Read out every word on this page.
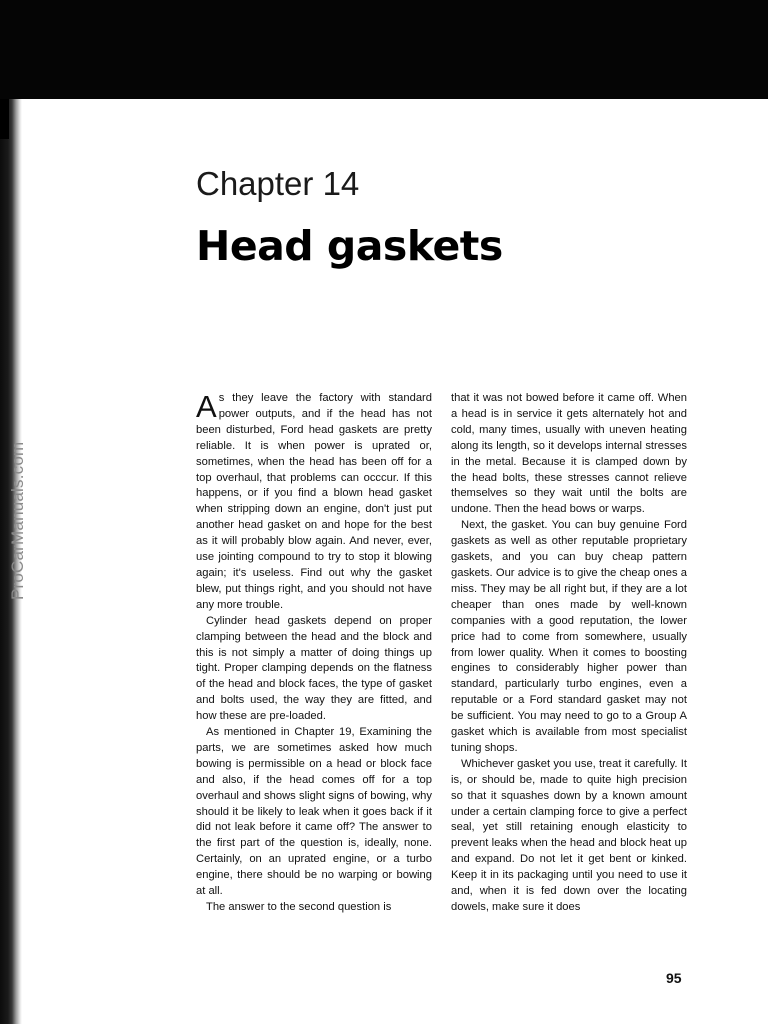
ProCarManuals.com
Chapter 14
Head gaskets

As they leave the factory with standard power outputs, and if the head has not been disturbed, Ford head gaskets are pretty reliable. It is when power is uprated or, sometimes, when the head has been off for a top overhaul, that problems can occcur. If this happens, or if you find a blown head gasket when stripping down an engine, don't just put another head gasket on and hope for the best as it will probably blow again. And never, ever, use jointing compound to try to stop it blowing again; it's useless. Find out why the gasket blew, put things right, and you should not have any more trouble.

Cylinder head gaskets depend on proper clamping between the head and the block and this is not simply a matter of doing things up tight. Proper clamping depends on the flatness of the head and block faces, the type of gasket and bolts used, the way they are fitted, and how these are pre-loaded.

As mentioned in Chapter 19, Examining the parts, we are sometimes asked how much bowing is permissible on a head or block face and also, if the head comes off for a top overhaul and shows slight signs of bowing, why should it be likely to leak when it goes back if it did not leak before it came off? The answer to the first part of the question is, ideally, none. Certainly, on an uprated engine, or a turbo engine, there should be no warping or bowing at all.

The answer to the second question is

that it was not bowed before it came off. When a head is in service it gets alternately hot and cold, many times, usually with uneven heating along its length, so it develops internal stresses in the metal. Because it is clamped down by the head bolts, these stresses cannot relieve themselves so they wait until the bolts are undone. Then the head bows or warps.

Next, the gasket. You can buy genuine Ford gaskets as well as other reputable proprietary gaskets, and you can buy cheap pattern gaskets. Our advice is to give the cheap ones a miss. They may be all right but, if they are a lot cheaper than ones made by well-known companies with a good reputation, the lower price had to come from somewhere, usually from lower quality. When it comes to boosting engines to considerably higher power than standard, particularly turbo engines, even a reputable or a Ford standard gasket may not be sufficient. You may need to go to a Group A gasket which is available from most specialist tuning shops.

Whichever gasket you use, treat it carefully. It is, or should be, made to quite high precision so that it squashes down by a known amount under a certain clamping force to give a perfect seal, yet still retaining enough elasticity to prevent leaks when the head and block heat up and expand. Do not let it get bent or kinked. Keep it in its packaging until you need to use it and, when it is fed down over the locating dowels, make sure it does

95
